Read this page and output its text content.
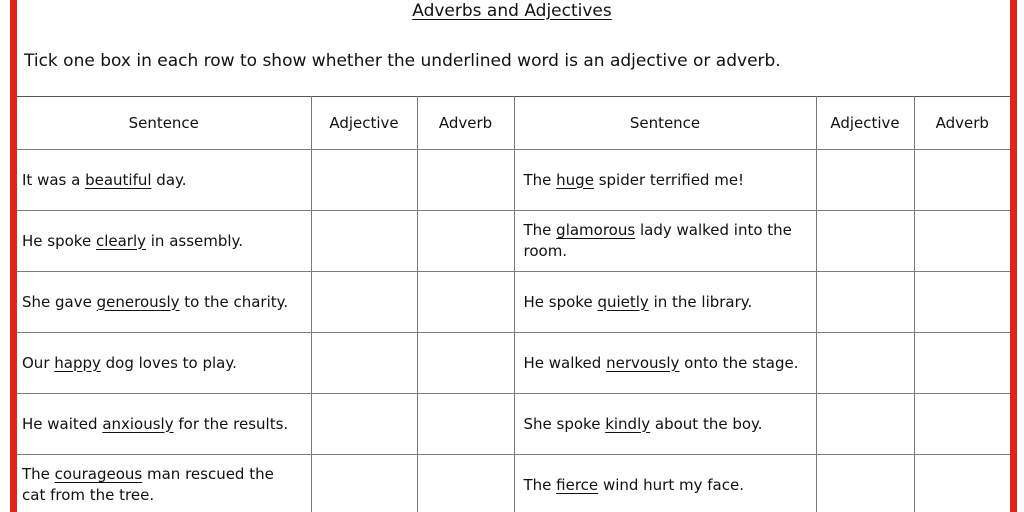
Adverbs and Adjectives
Tick one box in each row to show whether the underlined word is an adjective or adverb.
Sentence	Adjective	Adverb	Sentence	Adjective	Adverb
It was a beautiful day.			The huge spider terrified me!		
He spoke clearly in assembly.			The glamorous lady walked into the room.		
She gave generously to the charity.			He spoke quietly in the library.		
Our happy dog loves to play.			He walked nervously onto the stage.		
He waited anxiously for the results.			She spoke kindly about the boy.		
The courageous man rescued the cat from the tree.			The fierce wind hurt my face.		
